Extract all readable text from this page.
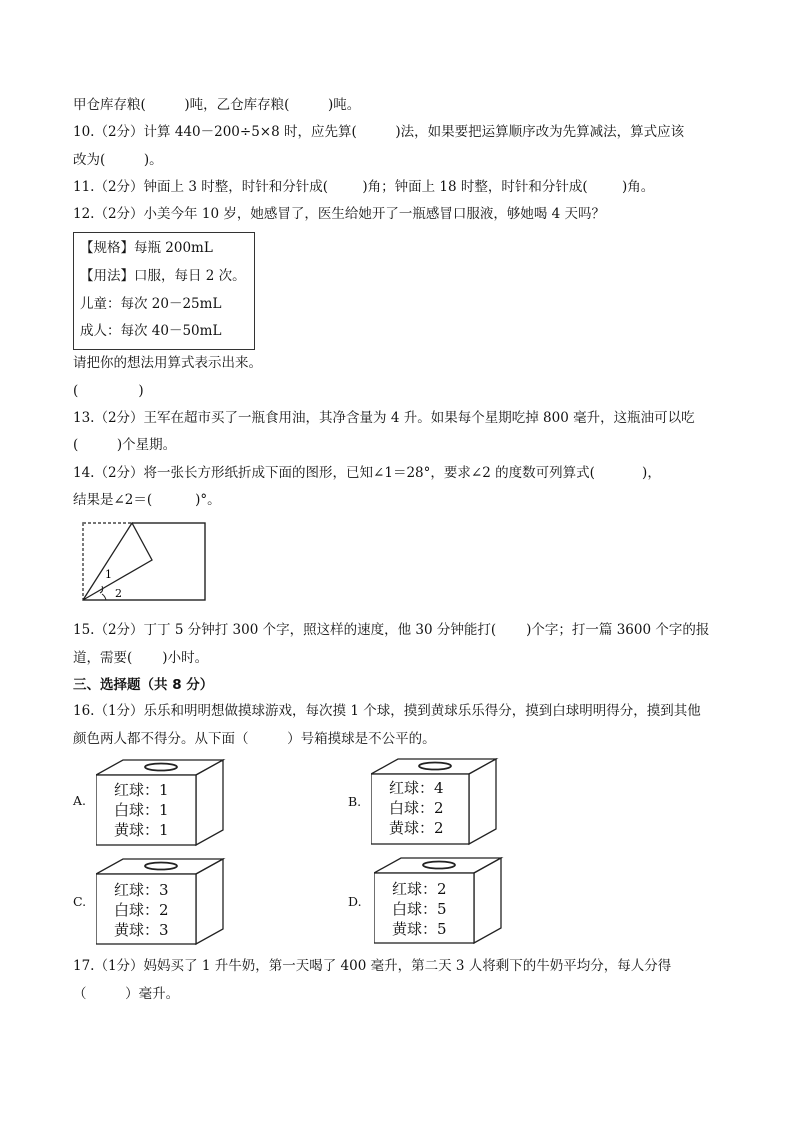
甲仓库存粮(         )吨，乙仓库存粮(         )吨。
10.（2分）计算 440－200÷5×8 时，应先算(         )法，如果要把运算顺序改为先算减法，算式应该
改为(         )。
11.（2分）钟面上 3 时整，时针和分针成(        )角；钟面上 18 时整，时针和分针成(        )角。
12.（2分）小美今年 10 岁，她感冒了，医生给她开了一瓶感冒口服液，够她喝 4 天吗？
【规格】每瓶 200mL
【用法】口服，每日 2 次。
儿童：每次 20－25mL
成人：每次 40－50mL
请把你的想法用算式表示出来。
(              )
13.（2分）王军在超市买了一瓶食用油，其净含量为 4 升。如果每个星期吃掉 800 毫升，这瓶油可以吃
(         )个星期。
14.（2分）将一张长方形纸折成下面的图形，已知∠1＝28°，要求∠2 的度数可列算式(           )，
结果是∠2＝(          )°。
1
2
15.（2分）丁丁 5 分钟打 300 个字，照这样的速度，他 30 分钟能打(       )个字；打一篇 3600 个字的报
道，需要(       )小时。
三、选择题（共 8 分）
16.（1分）乐乐和明明想做摸球游戏，每次摸 1 个球，摸到黄球乐乐得分，摸到白球明明得分，摸到其他
颜色两人都不得分。从下面（         ）号箱摸球是不公平的。
A.
红球：1
白球：1
黄球：1
B.
红球：4
白球：2
黄球：2
C.
红球：3
白球：2
黄球：3
D.
红球：2
白球：5
黄球：5
17.（1分）妈妈买了 1 升牛奶，第一天喝了 400 毫升，第二天 3 人将剩下的牛奶平均分，每人分得
（         ）毫升。
